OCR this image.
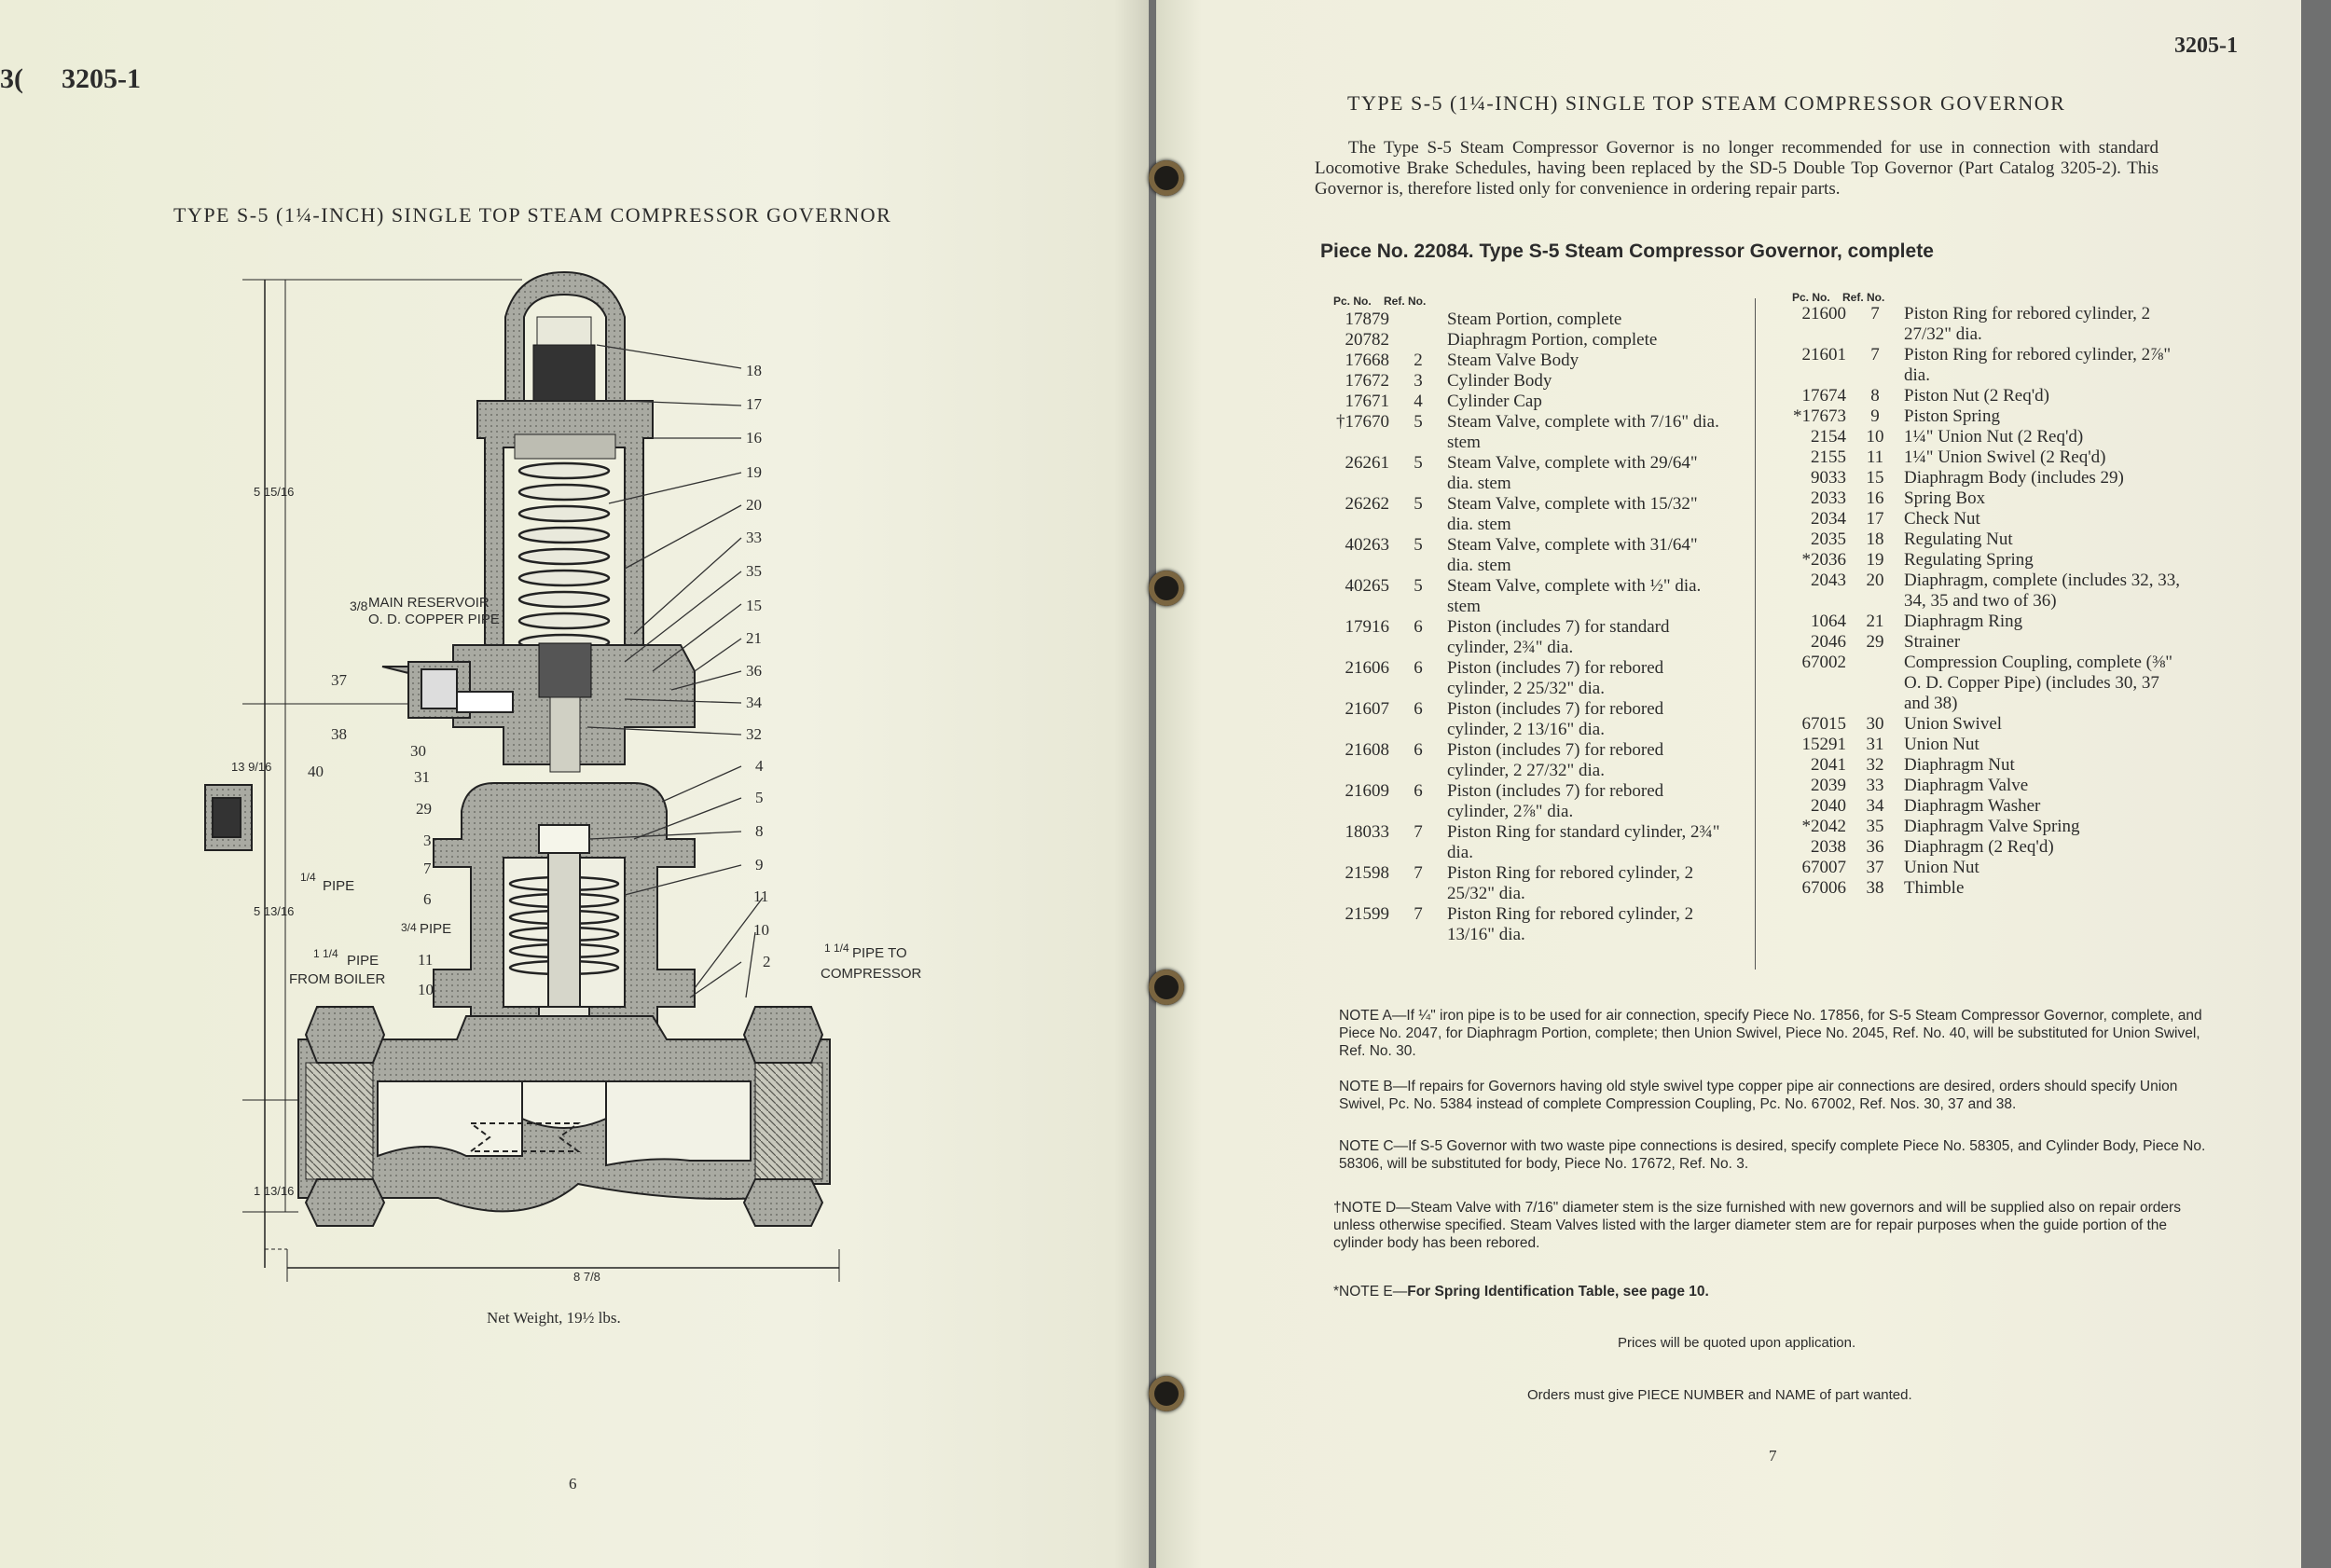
3( 3205-1
TYPE S-5 (1¼-INCH) SINGLE TOP STEAM COMPRESSOR GOVERNOR
18
17
16
19
20
33
35
15
21
36
34
32
4
5
8
9
11
10
2
37
38
30
31
29
40
3
7
6
11
10
3/8 MAIN RESERVOIR
O. D. COPPER PIPE
1/4
PIPE
3/4 PIPE
1 1/4 PIPE
FROM BOILER
1 1/4 PIPE TO
COMPRESSOR
5 15/16
13 9/16
5 13/16
1 13/16
8 7/8
Net Weight, 19½ lbs.
6
3205-1
TYPE S-5 (1¼-INCH) SINGLE TOP STEAM COMPRESSOR GOVERNOR
The Type S-5 Steam Compressor Governor is no longer recommended for use in connection with standard Locomotive Brake Schedules, having been replaced by the SD-5 Double Top Governor (Part Catalog 3205-2). This Governor is, therefore listed only for convenience in ordering repair parts.
Piece No. 22084. Type S-5 Steam Compressor Governor, complete
Pc. No. Ref. No.	Pc. No. Ref. No.
17879		Steam Portion, complete
20782		Diaphragm Portion, complete
17668	2	Steam Valve Body
17672	3	Cylinder Body
17671	4	Cylinder Cap
†17670	5	Steam Valve, complete with 7/16" dia. stem
26261	5	Steam Valve, complete with 29/64" dia. stem
26262	5	Steam Valve, complete with 15/32" dia. stem
40263	5	Steam Valve, complete with 31/64" dia. stem
40265	5	Steam Valve, complete with ½" dia. stem
17916	6	Piston (includes 7) for standard cylinder, 2¾" dia.
21606	6	Piston (includes 7) for rebored cylinder, 2 25/32" dia.
21607	6	Piston (includes 7) for rebored cylinder, 2 13/16" dia.
21608	6	Piston (includes 7) for rebored cylinder, 2 27/32" dia.
21609	6	Piston (includes 7) for rebored cylinder, 2⅞" dia.
18033	7	Piston Ring for standard cylinder, 2¾" dia.
21598	7	Piston Ring for rebored cylinder, 2 25/32" dia.
21599	7	Piston Ring for rebored cylinder, 2 13/16" dia.
21600	7	Piston Ring for rebored cylinder, 2 27/32" dia.
21601	7	Piston Ring for rebored cylinder, 2⅞" dia.
17674	8	Piston Nut (2 Req'd)
*17673	9	Piston Spring
2154	10	1¼" Union Nut (2 Req'd)
2155	11	1¼" Union Swivel (2 Req'd)
9033	15	Diaphragm Body (includes 29)
2033	16	Spring Box
2034	17	Check Nut
2035	18	Regulating Nut
*2036	19	Regulating Spring
2043	20	Diaphragm, complete (includes 32, 33, 34, 35 and two of 36)
1064	21	Diaphragm Ring
2046	29	Strainer
67002		Compression Coupling, complete (⅜" O. D. Copper Pipe) (includes 30, 37 and 38)
67015	30	Union Swivel
15291	31	Union Nut
2041	32	Diaphragm Nut
2039	33	Diaphragm Valve
2040	34	Diaphragm Washer
*2042	35	Diaphragm Valve Spring
2038	36	Diaphragm (2 Req'd)
67007	37	Union Nut
67006	38	Thimble
NOTE A—If ¼" iron pipe is to be used for air connection, specify Piece No. 17856, for S-5 Steam Compressor Governor, complete, and Piece No. 2047, for Diaphragm Portion, complete; then Union Swivel, Piece No. 2045, Ref. No. 40, will be substituted for Union Swivel, Ref. No. 30.
NOTE B—If repairs for Governors having old style swivel type copper pipe air connections are desired, orders should specify Union Swivel, Pc. No. 5384 instead of complete Compression Coupling, Pc. No. 67002, Ref. Nos. 30, 37 and 38.
NOTE C—If S-5 Governor with two waste pipe connections is desired, specify complete Piece No. 58305, and Cylinder Body, Piece No. 58306, will be substituted for body, Piece No. 17672, Ref. No. 3.
†NOTE D—Steam Valve with 7/16" diameter stem is the size furnished with new governors and will be supplied also on repair orders unless otherwise specified. Steam Valves listed with the larger diameter stem are for repair purposes when the guide portion of the cylinder body has been rebored.
*NOTE E—For Spring Identification Table, see page 10.
Prices will be quoted upon application.
Orders must give PIECE NUMBER and NAME of part wanted.
7
